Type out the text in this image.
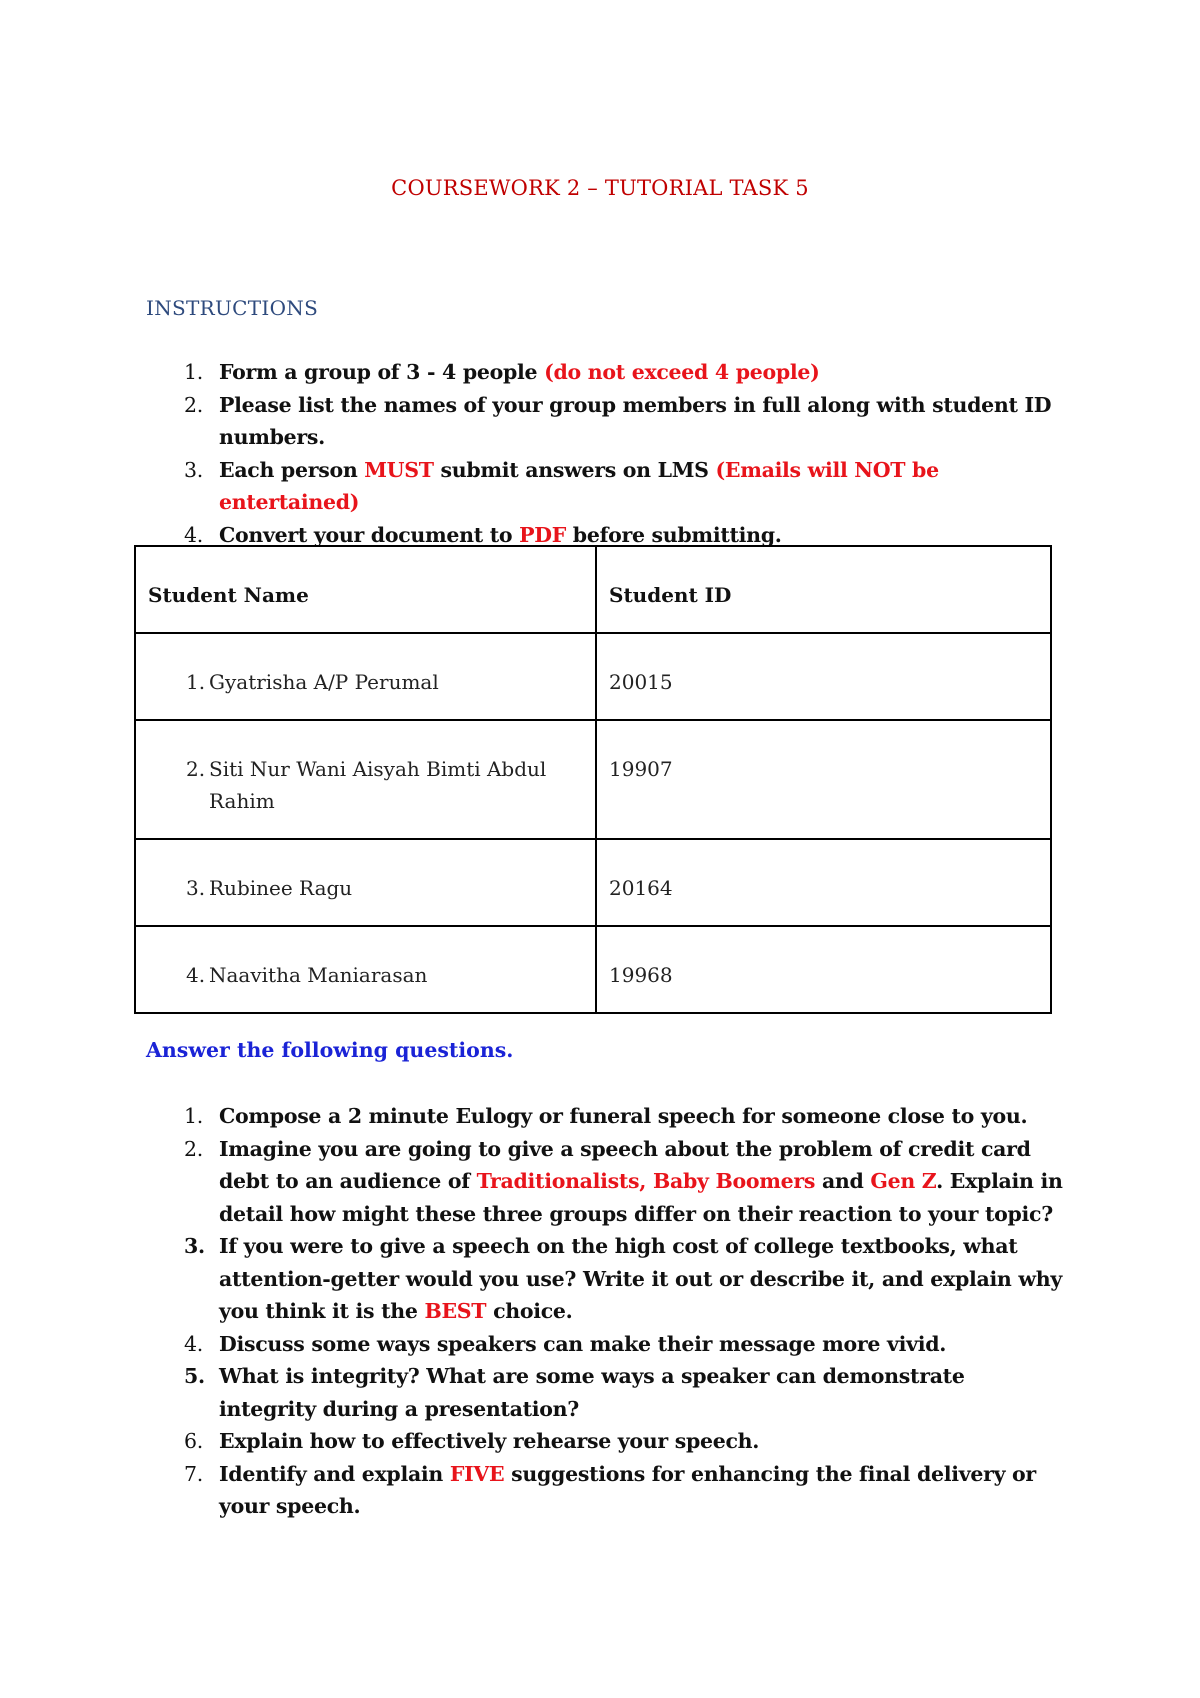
COURSEWORK 2 – TUTORIAL TASK 5
INSTRUCTIONS
1. Form a group of 3 - 4 people (do not exceed 4 people)
2. Please list the names of your group members in full along with student ID numbers.
3. Each person MUST submit answers on LMS (Emails will NOT be entertained)
4. Convert your document to PDF before submitting.
Student Name	Student ID

1. Gyatrisha A/P Perumal	20015

2. Siti Nur Wani Aisyah Bimti Abdul Rahim	19907

3. Rubinee Ragu	20164

4. Naavitha Maniarasan	19968
Answer the following questions.
1. Compose a 2 minute Eulogy or funeral speech for someone close to you.
2. Imagine you are going to give a speech about the problem of credit card debt to an audience of Traditionalists, Baby Boomers and Gen Z. Explain in detail how might these three groups differ on their reaction to your topic?
3. If you were to give a speech on the high cost of college textbooks, what attention-getter would you use? Write it out or describe it, and explain why you think it is the BEST choice.
4. Discuss some ways speakers can make their message more vivid.
5. What is integrity? What are some ways a speaker can demonstrate integrity during a presentation?
6. Explain how to effectively rehearse your speech.
7. Identify and explain FIVE suggestions for enhancing the final delivery or your speech.
